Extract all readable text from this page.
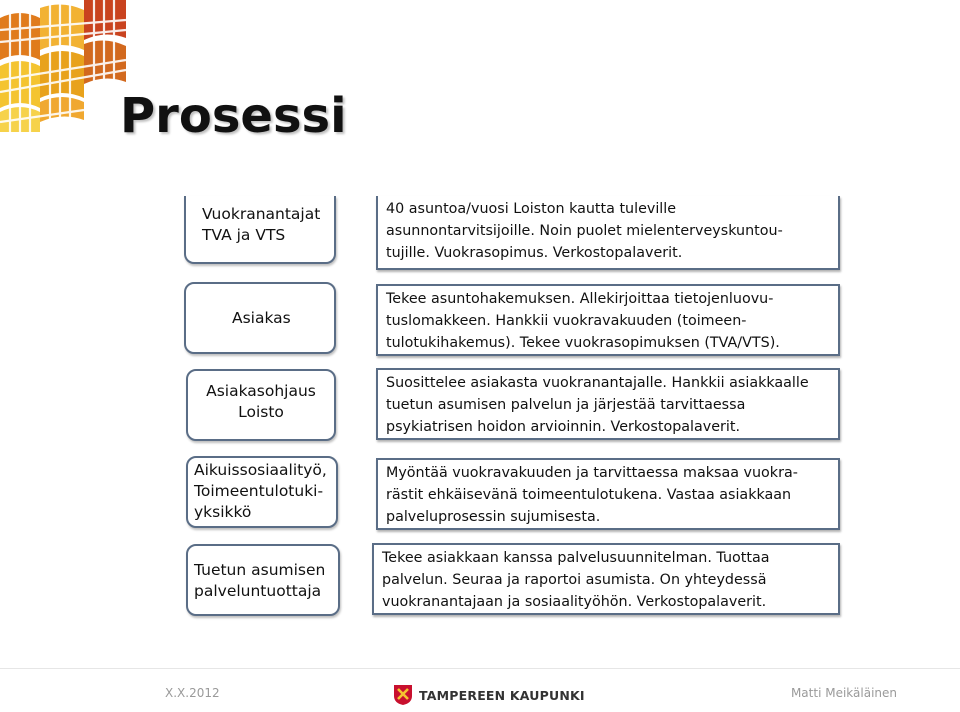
Prosessi
Vuokranantajat
TVA ja VTS
40 asuntoa/vuosi Loiston kautta tuleville
asunnontarvitsijoille. Noin puolet mielenterveyskuntou-
tujille. Vuokrasopimus. Verkostopalaverit.
Asiakas
Tekee asuntohakemuksen. Allekirjoittaa tietojenluovu-
tuslomakkeen. Hankkii vuokravakuuden (toimeen-
tulotukihakemus). Tekee vuokrasopimuksen (TVA/VTS).
Asiakasohjaus
Loisto
Suosittelee asiakasta vuokranantajalle. Hankkii asiakkaalle
tuetun asumisen palvelun ja järjestää tarvittaessa
psykiatrisen hoidon arvioinnin. Verkostopalaverit.
Aikuissosiaalityö,
Toimeentulotuki-
yksikkö
Myöntää vuokravakuuden ja tarvittaessa maksaa vuokra-
rästit ehkäisevänä toimeentulotukena. Vastaa asiakkaan
palveluprosessin sujumisesta.
Tuetun asumisen
palveluntuottaja
Tekee asiakkaan kanssa palvelusuunnitelman. Tuottaa
palvelun. Seuraa ja raportoi asumista. On yhteydessä
vuokranantajaan ja sosiaalityöhön. Verkostopalaverit.
X.X.2012	TAMPEREEN KAUPUNKI	Matti Meikäläinen
